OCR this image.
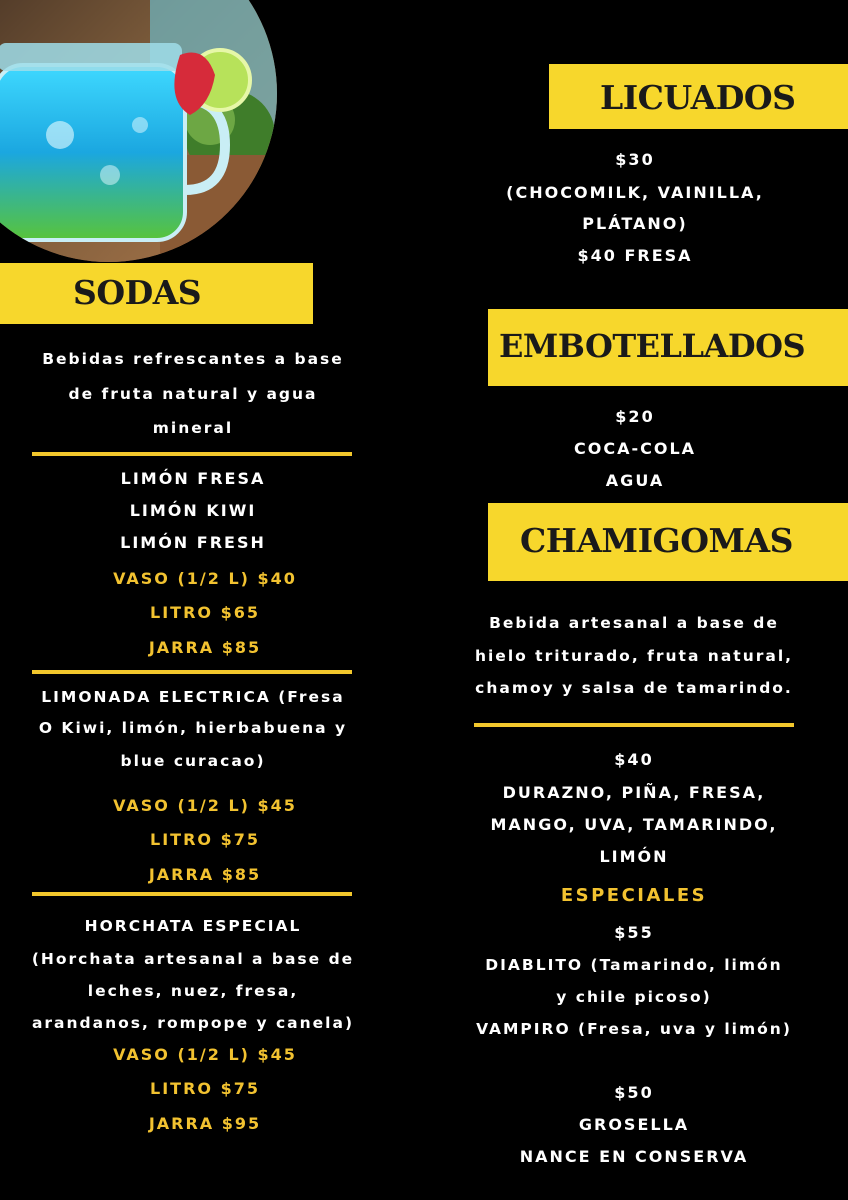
SODAS
Bebidas refrescantes a base
de fruta natural y agua
mineral
LIMÓN FRESA
LIMÓN KIWI
LIMÓN FRESH
VASO (1/2 L) $40
LITRO $65
JARRA $85
LIMONADA ELECTRICA (Fresa
O Kiwi, limón, hierbabuena y
blue curacao)
VASO (1/2 L) $45
LITRO $75
JARRA $85
HORCHATA ESPECIAL
(Horchata artesanal a base de
leches, nuez, fresa,
arandanos, rompope y canela)
VASO (1/2 L) $45
LITRO $75
JARRA $95
LICUADOS
$30
(CHOCOMILK, VAINILLA,
PLÁTANO)
$40 FRESA
EMBOTELLADOS
$20
COCA-COLA
AGUA
CHAMIGOMAS
Bebida artesanal a base de
hielo triturado, fruta natural,
chamoy y salsa de tamarindo.
$40
DURAZNO, PIÑA, FRESA,
MANGO, UVA, TAMARINDO,
LIMÓN
ESPECIALES
$55
DIABLITO (Tamarindo, limón
y chile picoso)
VAMPIRO (Fresa, uva y limón)
$50
GROSELLA
NANCE EN CONSERVA
